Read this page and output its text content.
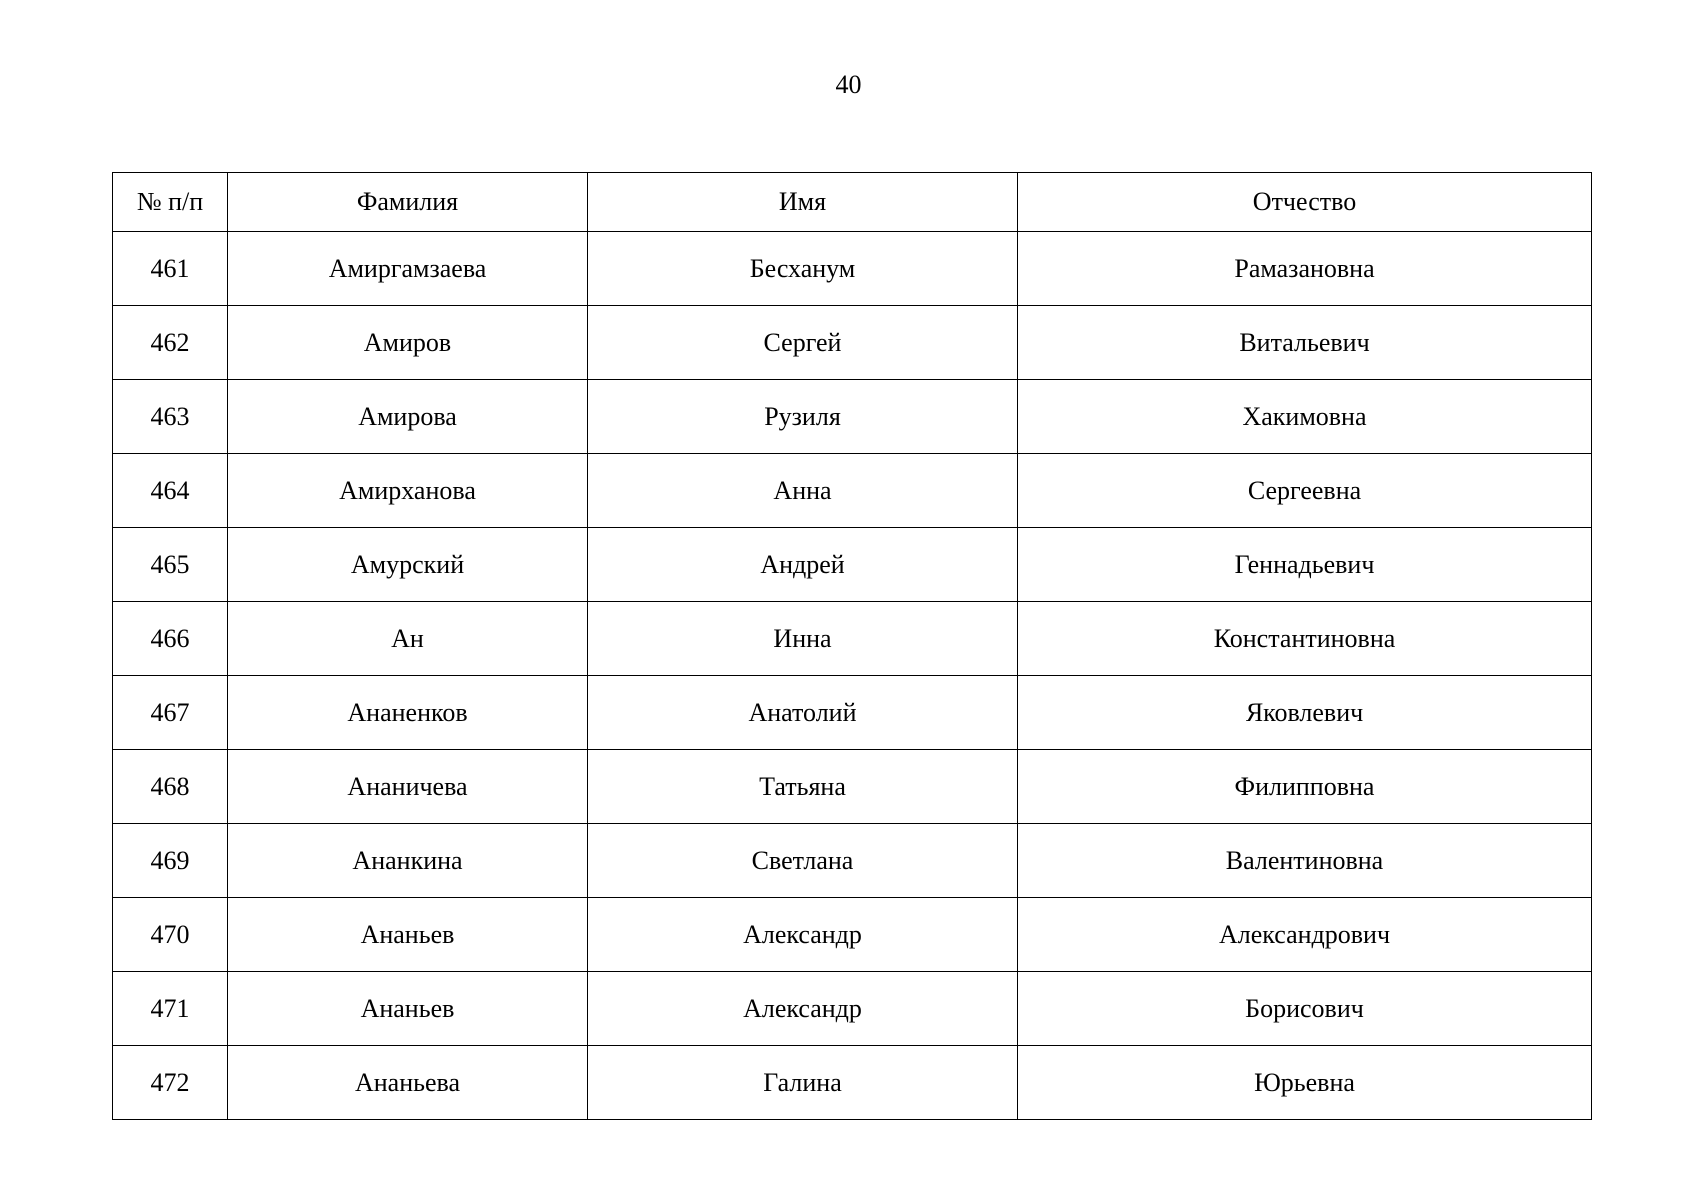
40
№ п/п	Фамилия	Имя	Отчество
461	Амиргамзаева	Бесханум	Рамазановна
462	Амиров	Сергей	Витальевич
463	Амирова	Рузиля	Хакимовна
464	Амирханова	Анна	Сергеевна
465	Амурский	Андрей	Геннадьевич
466	Ан	Инна	Константиновна
467	Ананенков	Анатолий	Яковлевич
468	Ананичева	Татьяна	Филипповна
469	Ананкина	Светлана	Валентиновна
470	Ананьев	Александр	Александрович
471	Ананьев	Александр	Борисович
472	Ананьева	Галина	Юрьевна
